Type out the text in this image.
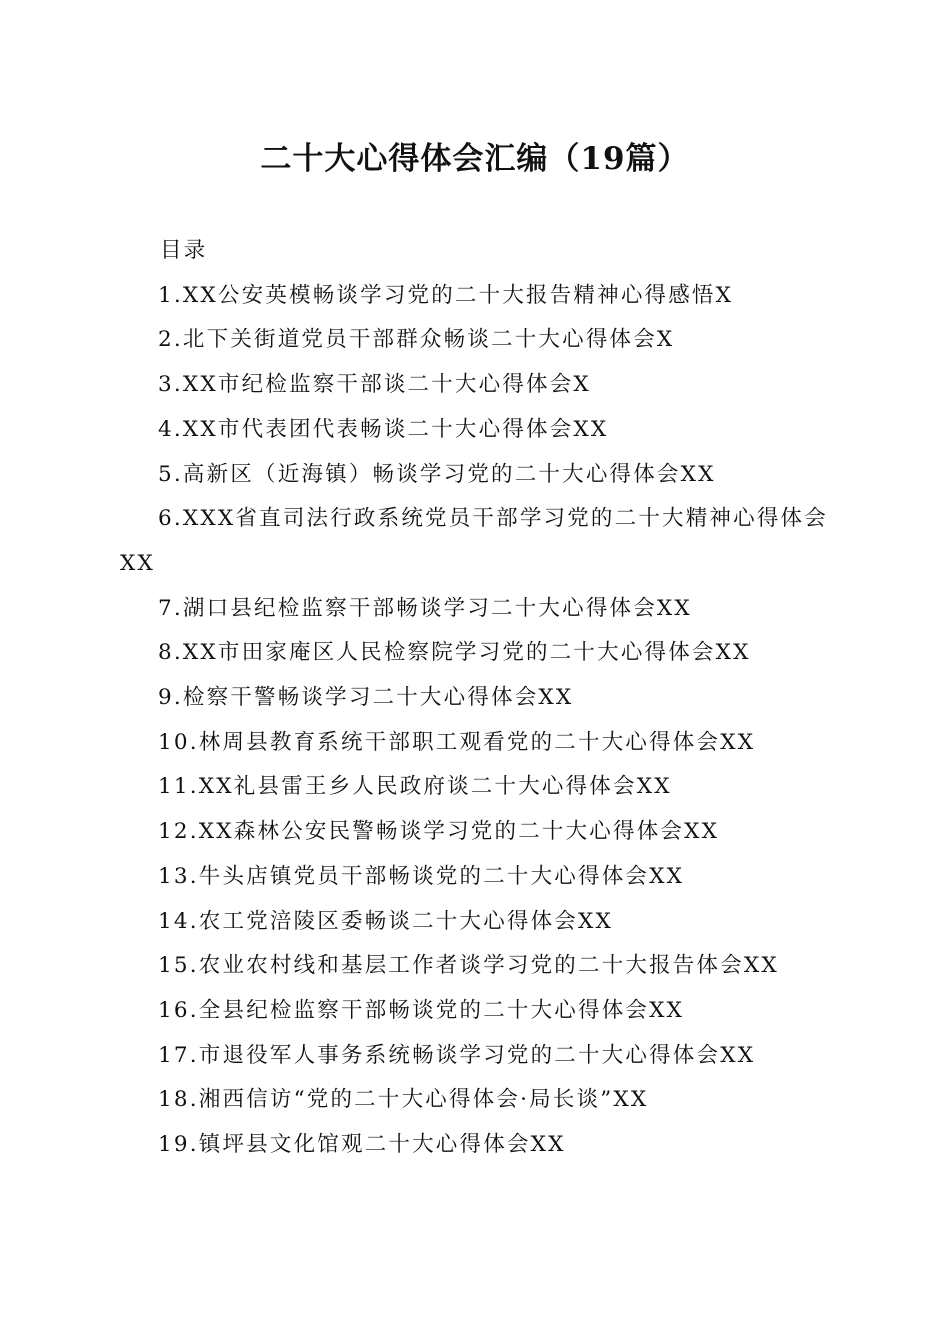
二十大心得体会汇编（19篇）

目录

1.XX公安英模畅谈学习党的二十大报告精神心得感悟X
2.北下关街道党员干部群众畅谈二十大心得体会X
3.XX市纪检监察干部谈二十大心得体会X
4.XX市代表团代表畅谈二十大心得体会XX
5.高新区（近海镇）畅谈学习党的二十大心得体会XX
6.XXX省直司法行政系统党员干部学习党的二十大精神心得体会XX
7.湖口县纪检监察干部畅谈学习二十大心得体会XX
8.XX市田家庵区人民检察院学习党的二十大心得体会XX
9.检察干警畅谈学习二十大心得体会XX
10.林周县教育系统干部职工观看党的二十大心得体会XX
11.XX礼县雷王乡人民政府谈二十大心得体会XX
12.XX森林公安民警畅谈学习党的二十大心得体会XX
13.牛头店镇党员干部畅谈党的二十大心得体会XX
14.农工党涪陵区委畅谈二十大心得体会XX
15.农业农村线和基层工作者谈学习党的二十大报告体会XX
16.全县纪检监察干部畅谈党的二十大心得体会XX
17.市退役军人事务系统畅谈学习党的二十大心得体会XX
18.湘西信访“党的二十大心得体会·局长谈”XX
19.镇坪县文化馆观二十大心得体会XX
